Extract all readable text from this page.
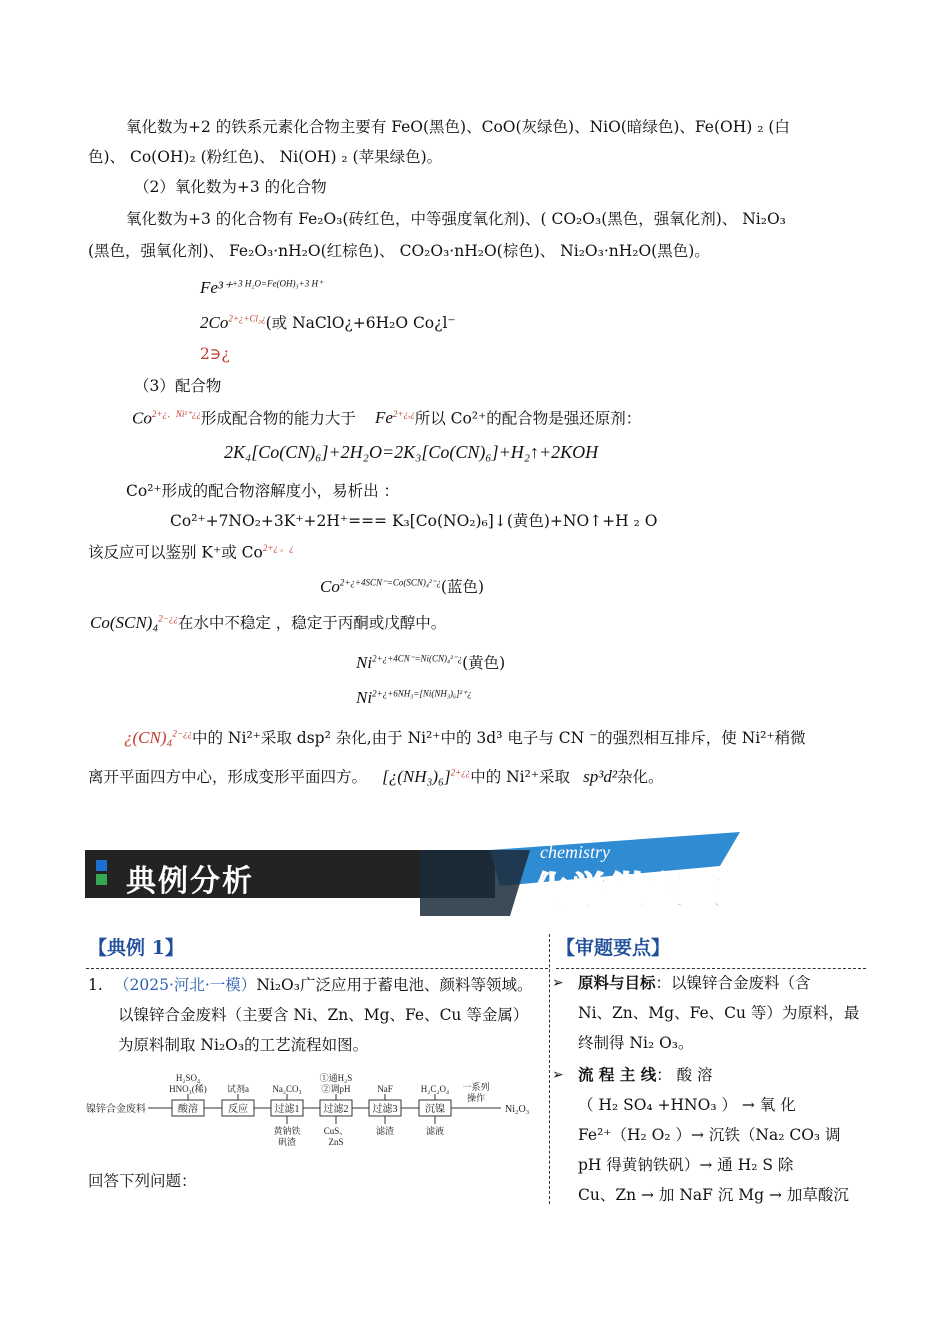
氧化数为+2 的铁系元素化合物主要有 FeO(黑色)、CoO(灰绿色)、NiO(暗绿色)、Fe(OH) ₂ (白
色)、 Co(OH)₂ (粉红色)、 Ni(OH) ₂ (苹果绿色)。
（2）氧化数为+3 的化合物
氧化数为+3 的化合物有 Fe₂O₃(砖红色，中等强度氧化剂)、( CO₂O₃(黑色，强氧化剂)、 Ni₂O₃
(黑色，强氧化剂)、 Fe₂O₃·nH₂O(红棕色)、 CO₂O₃·nH₂O(棕色)、 Ni₂O₃·nH₂O(黑色)。
Fe³⁺$^{+3 H_2O=Fe(OH)_3+3 H^+}$
$2Co^{2+¿+Cl_2¿}$(或 NaClO¿+6H₂O Co¿l⁻
2∋¿
（3）配合物
$Co^{2+¿、Ni^{2+}¿¿}$形成配合物的能力大于 $Fe^{2+¿,¿}$所以 Co²⁺的配合物是强还原剂：
2K₄[Co(CN)₆]+2H₂O=2K₃[Co(CN)₆]+H₂↑+2KOH
Co²⁺形成的配合物溶解度小，易析出 ：
Co²⁺+7NO₂+3K⁺+2H⁺=== K₃[Co(NO₂)₆]↓(黄色)+NO↑+H ₂ O
该反应可以鉴别 K⁺或 $Co^{2+¿ 。¿}$
$Co^{2+¿+4SCN^-=Co(SCN)_4^{2-}¿}$(蓝色)
Co(SCN)₄$^{2-¿¿}$在水中不稳定 ，稳定于丙酮或戊醇中。
$Ni^{2+¿+4CN^-=Ni(CN)_4^{2-}¿}$(黄色)
$Ni^{2+¿+6NH_3=[Ni(NH_3)_6]^{2+}¿}$
¿(CN)₄$^{2-¿¿}$中的 Ni²⁺采取 dsp² 杂化,由于 Ni²⁺中的 3d³ 电子与 CN ⁻的强烈相互排斥，使 Ni²⁺稍微
离开平面四方中心，形成变形平面四方。 [¿(NH₃)₆]$^{2+¿¿}$中的 Ni²⁺采取 sp³d²杂化。
典例分析
chemistry
化学微突破
【典例 1】	【审题要点】
1. （2025·河北·一模）Ni₂O₃广泛应用于蓄电池、颜料等领域。
以镍锌合金废料（主要含 Ni、Zn、Mg、Fe、Cu 等金属）
为原料制取 Ni₂O₃的工艺流程如图。
镍锌合金废料	酸溶
H₂SO₄
HNO₃(稀)
反应
试剂a
过滤1
Na₂CO₃
过滤2
①通H₂S
②调pH
过滤3
NaF
沉镍
H₂C₂O₄ 一系列
操作
Ni₂O₃
黄钠铁
矾渣
CuS、
ZnS
滤渣	滤液
回答下列问题：
➢ 原料与目标：以镍锌合金废料（含
Ni、Zn、Mg、Fe、Cu 等）为原料，最
终制得 Ni₂ O₃。
➢ 流 程 主 线： 酸 溶
（ H₂ SO₄ +HNO₃ ） → 氧 化
Fe²⁺（H₂ O₂ ）→ 沉铁（Na₂ CO₃ 调
pH 得黄钠铁矾）→ 通 H₂ S 除
Cu、Zn → 加 NaF 沉 Mg → 加草酸沉
